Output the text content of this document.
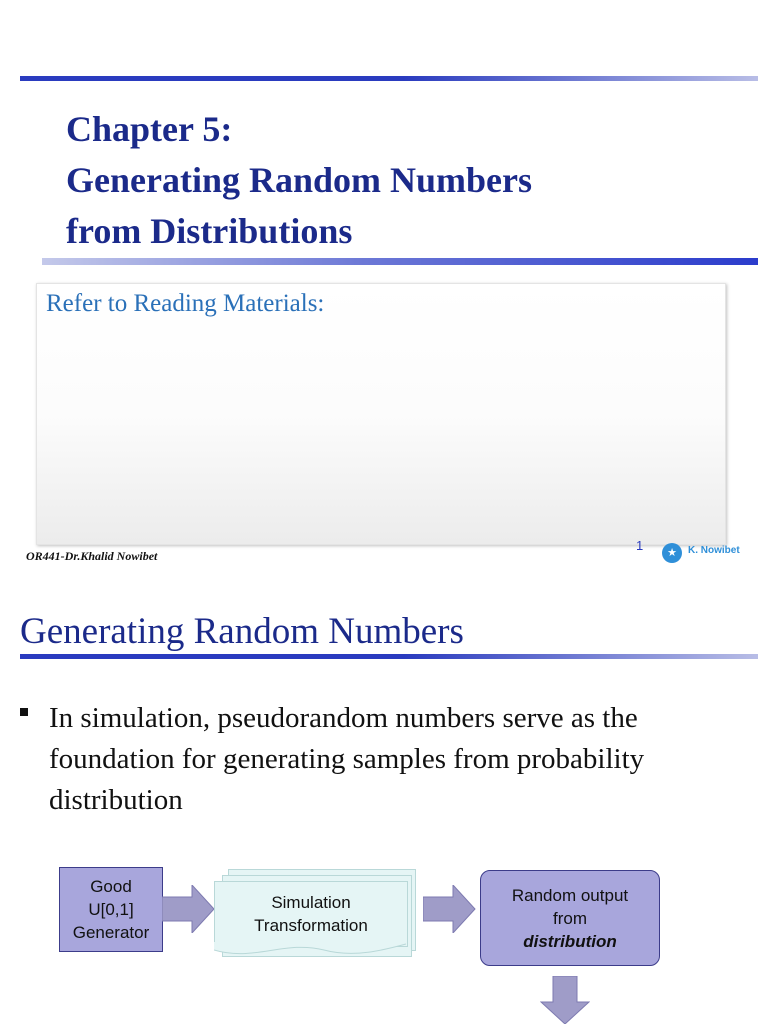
Chapter 5:
Generating Random Numbers
from Distributions
Refer to Reading Materials:
OR441-Dr.Khalid Nowibet
1	★	K. Nowibet
Generating Random Numbers
In simulation, pseudorandom numbers serve as the foundation for generating samples from probability distribution
Good
U[0,1]
Generator
Simulation
Transformation
Random output
from
distribution
